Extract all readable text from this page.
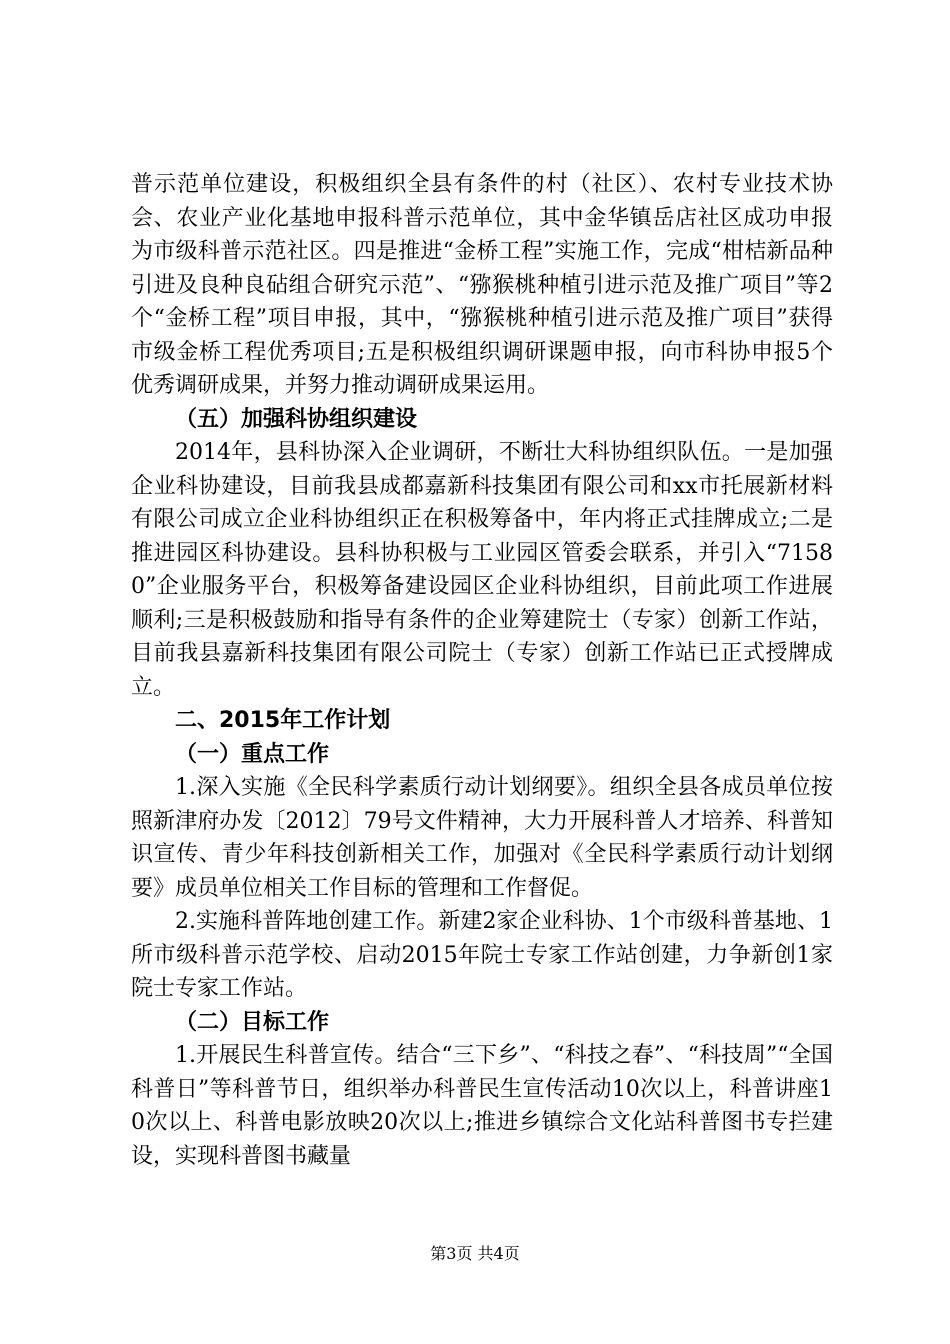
普示范单位建设，积极组织全县有条件的村（社区）、农村专业技术协会、农业产业化基地申报科普示范单位，其中金华镇岳店社区成功申报为市级科普示范社区。四是推进“金桥工程”实施工作，完成“柑桔新品种引进及良种良砧组合研究示范”、“猕猴桃种植引进示范及推广项目”等2个“金桥工程”项目申报，其中，“猕猴桃种植引进示范及推广项目”获得市级金桥工程优秀项目;五是积极组织调研课题申报，向市科协申报5个优秀调研成果，并努力推动调研成果运用。

（五）加强科协组织建设

2014年，县科协深入企业调研，不断壮大科协组织队伍。一是加强企业科协建设，目前我县成都嘉新科技集团有限公司和xx市托展新材料有限公司成立企业科协组织正在积极筹备中，年内将正式挂牌成立;二是推进园区科协建设。县科协积极与工业园区管委会联系，并引入“71580”企业服务平台，积极筹备建设园区企业科协组织，目前此项工作进展顺利;三是积极鼓励和指导有条件的企业筹建院士（专家）创新工作站，目前我县嘉新科技集团有限公司院士（专家）创新工作站已正式授牌成立。

二、2015年工作计划

（一）重点工作

1.深入实施《全民科学素质行动计划纲要》。组织全县各成员单位按照新津府办发〔2012〕79号文件精神，大力开展科普人才培养、科普知识宣传、青少年科技创新相关工作，加强对《全民科学素质行动计划纲要》成员单位相关工作目标的管理和工作督促。

2.实施科普阵地创建工作。新建2家企业科协、1个市级科普基地、1所市级科普示范学校、启动2015年院士专家工作站创建，力争新创1家院士专家工作站。

（二）目标工作

1.开展民生科普宣传。结合“三下乡”、“科技之春”、“科技周”“全国科普日”等科普节日，组织举办科普民生宣传活动10次以上，科普讲座10次以上、科普电影放映20次以上;推进乡镇综合文化站科普图书专拦建设，实现科普图书藏量

第3页 共4页
